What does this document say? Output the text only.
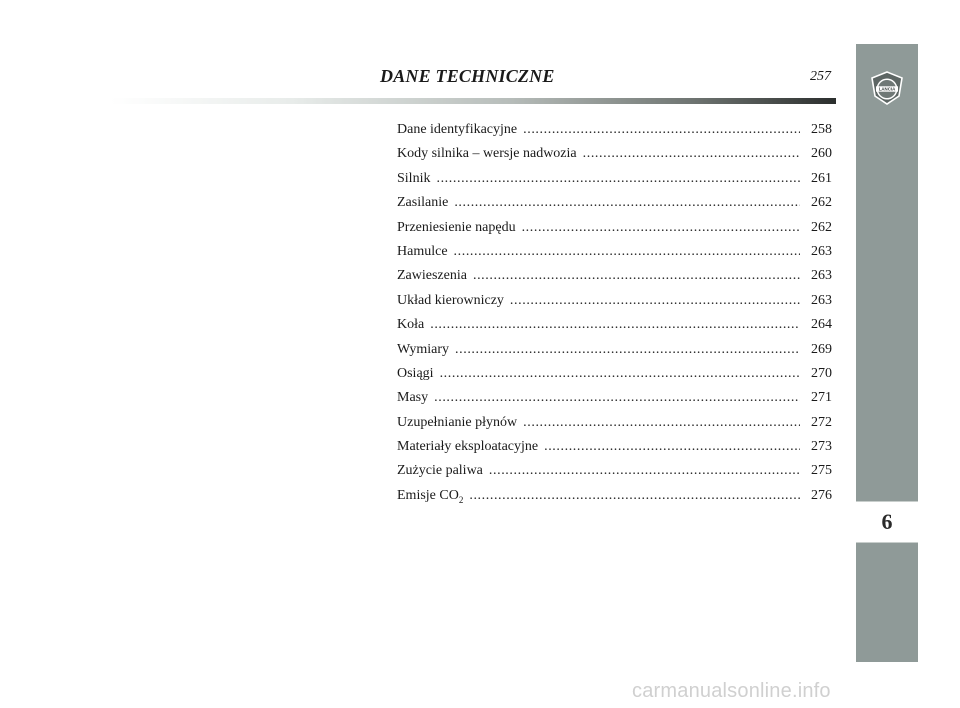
DANE TECHNICZNE	257
LANCIA
6
Dane identyfikacyjne .....	258
Kody silnika – wersje nadwozia .....	260
Silnik .....	261
Zasilanie .....	262
Przeniesienie napędu .....	262
Hamulce .....	263
Zawieszenia .....	263
Układ kierowniczy .....	263
Koła .....	264
Wymiary .....	269
Osiągi .....	270
Masy .....	271
Uzupełnianie płynów .....	272
Materiały eksploatacyjne .....	273
Zużycie paliwa .....	275
Emisje $CO_2$ .....	276
carmanualsonline.info
